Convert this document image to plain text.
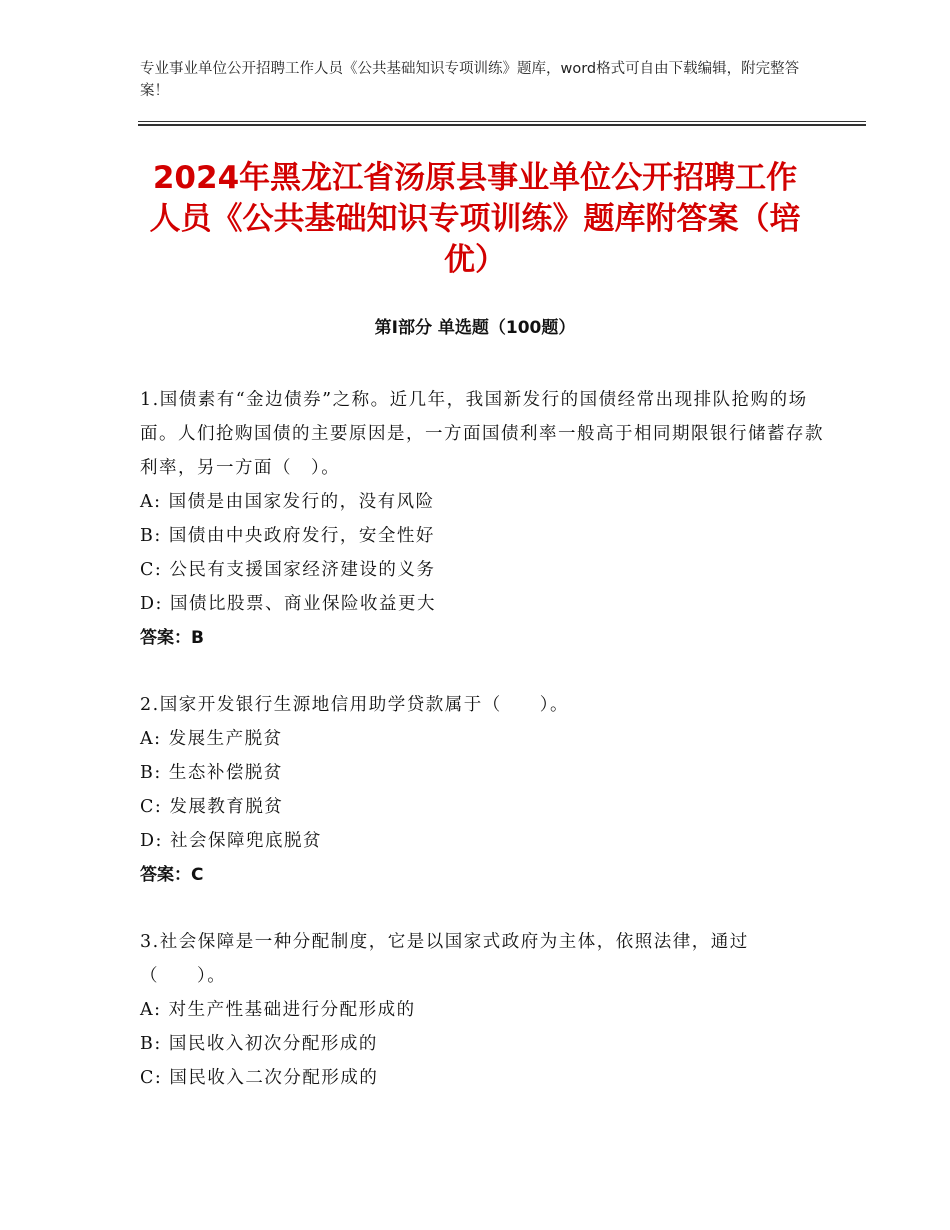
专业事业单位公开招聘工作人员《公共基础知识专项训练》题库，word格式可自由下载编辑，附完整答案！
2024年黑龙江省汤原县事业单位公开招聘工作人员《公共基础知识专项训练》题库附答案（培优）
第Ⅰ部分 单选题（100题）
1.国债素有“金边债券”之称。近几年，我国新发行的国债经常出现排队抢购的场面。人们抢购国债的主要原因是，一方面国债利率一般高于相同期限银行储蓄存款利率，另一方面（　）。
A: 国债是由国家发行的，没有风险
B: 国债由中央政府发行，安全性好
C: 公民有支援国家经济建设的义务
D: 国债比股票、商业保险收益更大
答案：B
2.国家开发银行生源地信用助学贷款属于（　　）。
A: 发展生产脱贫
B: 生态补偿脱贫
C: 发展教育脱贫
D: 社会保障兜底脱贫
答案：C
3.社会保障是一种分配制度，它是以国家式政府为主体，依照法律，通过（　　）。
A: 对生产性基础进行分配形成的
B: 国民收入初次分配形成的
C: 国民收入二次分配形成的
